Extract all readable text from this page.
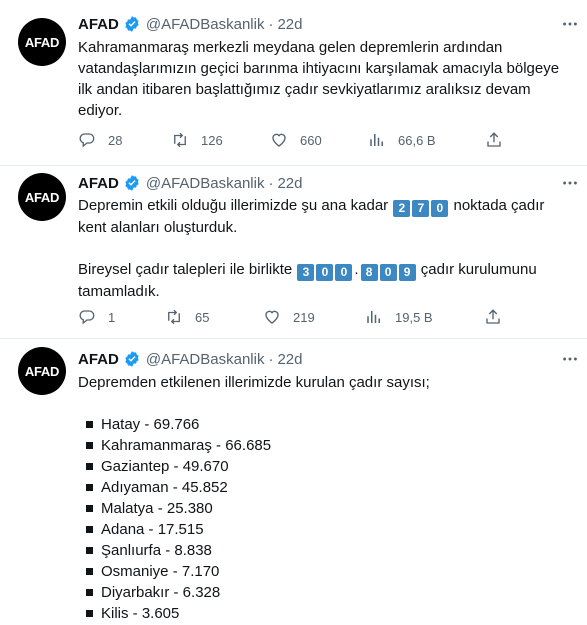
AFAD
AFAD @AFADBaskanlik · 22d
Kahramanmaraş merkezli meydana gelen depremlerin ardından
vatandaşlarımızın geçici barınma ihtiyacını karşılamak amacıyla bölgeye
ilk andan itibaren başlattığımız çadır sevkiyatlarımız aralıksız devam
ediyor.
28	126	660	66,6 B
AFAD
AFAD @AFADBaskanlik · 22d
Depremin etkili olduğu illerimizde şu ana kadar 2 7 0 noktada çadır
kent alanları oluşturduk.
Bireysel çadır talepleri ile birlikte 3 0 0 . 8 0 9 çadır kurulumunu
tamamladık.
1	65	219	19,5 B
AFAD
AFAD @AFADBaskanlik · 22d
Depremden etkilenen illerimizde kurulan çadır sayısı;
Hatay - 69.766
Kahramanmaraş - 66.685
Gaziantep - 49.670
Adıyaman - 45.852
Malatya - 25.380
Adana - 17.515
Şanlıurfa - 8.838
Osmaniye - 7.170
Diyarbakır - 6.328
Kilis - 3.605
